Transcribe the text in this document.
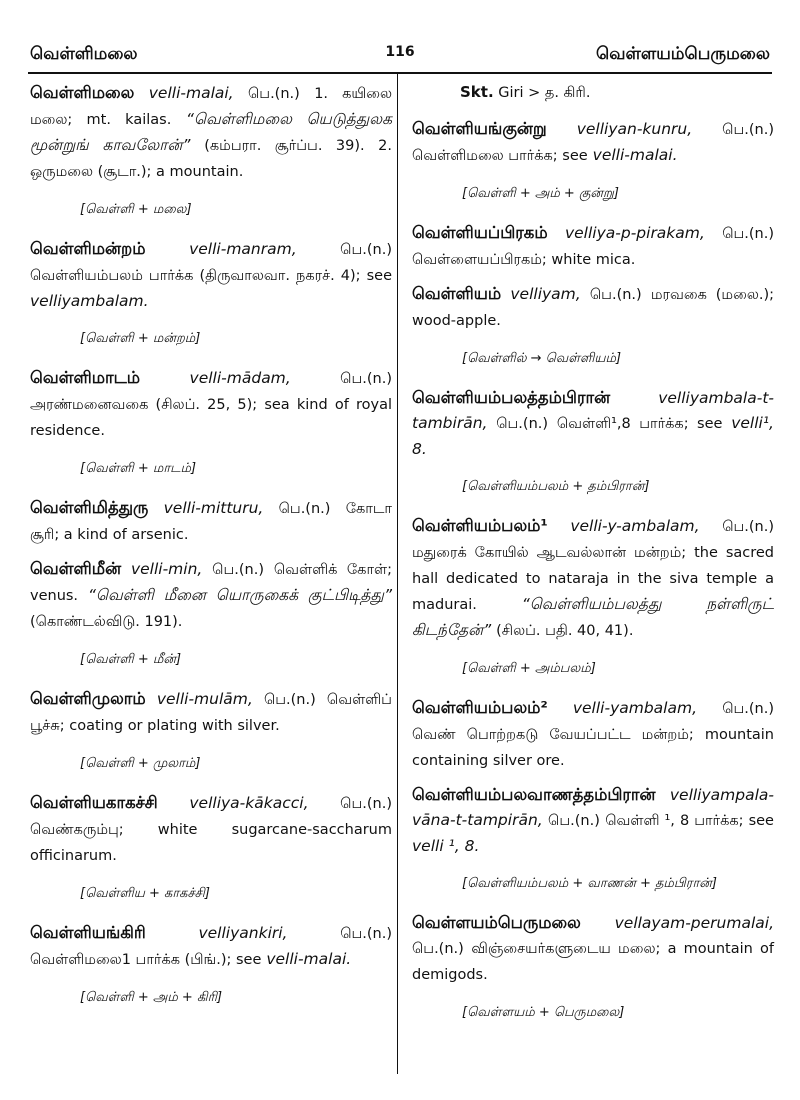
வெள்ளிமலை	116	வெள்ளயம்பெருமலை
வெள்ளிமலை velli-malai, பெ.(n.) 1. கயிலை மலை; mt. kailas. “வெள்ளிமலை யெடுத்துலக மூன்றுங் காவலோன்” (கம்பரா. சூர்ப்ப. 39). 2. ஒருமலை (சூடா.); a mountain.
[வெள்ளி + மலை]
வெள்ளிமன்றம்	velli-manram,	பெ.(n.) வெள்ளியம்பலம் பார்க்க (திருவாலவா. நகரச். 4); see velliyambalam.
[வெள்ளி + மன்றம்]
வெள்ளிமாடம்	velli-mādam,	பெ.(n.) அரண்மனைவகை (சிலப். 25, 5); sea kind of royal residence.
[வெள்ளி + மாடம்]
வெள்ளிமித்துரு velli-mitturu, பெ.(n.) கோடா சூரி; a kind of arsenic.
வெள்ளிமீன் velli-min, பெ.(n.) வெள்ளிக் கோள்; venus. “வெள்ளி மீனை யொருகைக் குட்பிடித்து” (கொண்டல்விடு. 191).
[வெள்ளி + மீன்]
வெள்ளிமுலாம் velli-mulām, பெ.(n.) வெள்ளிப் பூச்சு; coating or plating with silver.
[வெள்ளி + முலாம்]
வெள்ளியகாகச்சி velliya-kākacci, பெ.(n.) வெண்கரும்பு; white sugarcane-saccharum officinarum.
[வெள்ளிய + காகச்சி]
வெள்ளியங்கிரி	velliyankiri,	பெ.(n.) வெள்ளிமலை1 பார்க்க (பிங்.); see velli-malai.
[வெள்ளி + அம் + கிரி]
Skt. Giri > த. கிரி.
வெள்ளியங்குன்று velliyan-kunru, பெ.(n.) வெள்ளிமலை பார்க்க; see velli-malai.
[வெள்ளி + அம் + குன்று]
வெள்ளியப்பிரகம் velliya-p-pirakam, பெ.(n.) வெள்ளையப்பிரகம்; white mica.
வெள்ளியம் velliyam, பெ.(n.) மரவகை (மலை.); wood-apple.
[வெள்ளில் → வெள்ளியம்]
வெள்ளியம்பலத்தம்பிரான்	velliyambala-t-tambirān, பெ.(n.) வெள்ளி¹,8 பார்க்க; see velli¹, 8.
[வெள்ளியம்பலம் + தம்பிரான்]
வெள்ளியம்பலம்¹ velli-y-ambalam, பெ.(n.) மதுரைக் கோயில் ஆடவல்லான் மன்றம்; the sacred hall dedicated to nataraja in the siva temple a madurai.	“வெள்ளியம்பலத்து நள்ளிருட் கிடந்தேன்” (சிலப். பதி. 40, 41).
[வெள்ளி + அம்பலம்]
வெள்ளியம்பலம்² velli-yambalam, பெ.(n.) வெண் பொற்றகடு வேயப்பட்ட மன்றம்; mountain containing silver ore.
வெள்ளியம்பலவாணத்தம்பிரான் velliyampala-vāna-t-tampirān, பெ.(n.) வெள்ளி ¹, 8 பார்க்க; see velli ¹, 8.
[வெள்ளியம்பலம் + வாணன் + தம்பிரான்]
வெள்ளயம்பெருமலை vellayam-perumalai, பெ.(n.) விஞ்சையர்களுடைய மலை; a mountain of demigods.
[வெள்ளயம் + பெருமலை]
